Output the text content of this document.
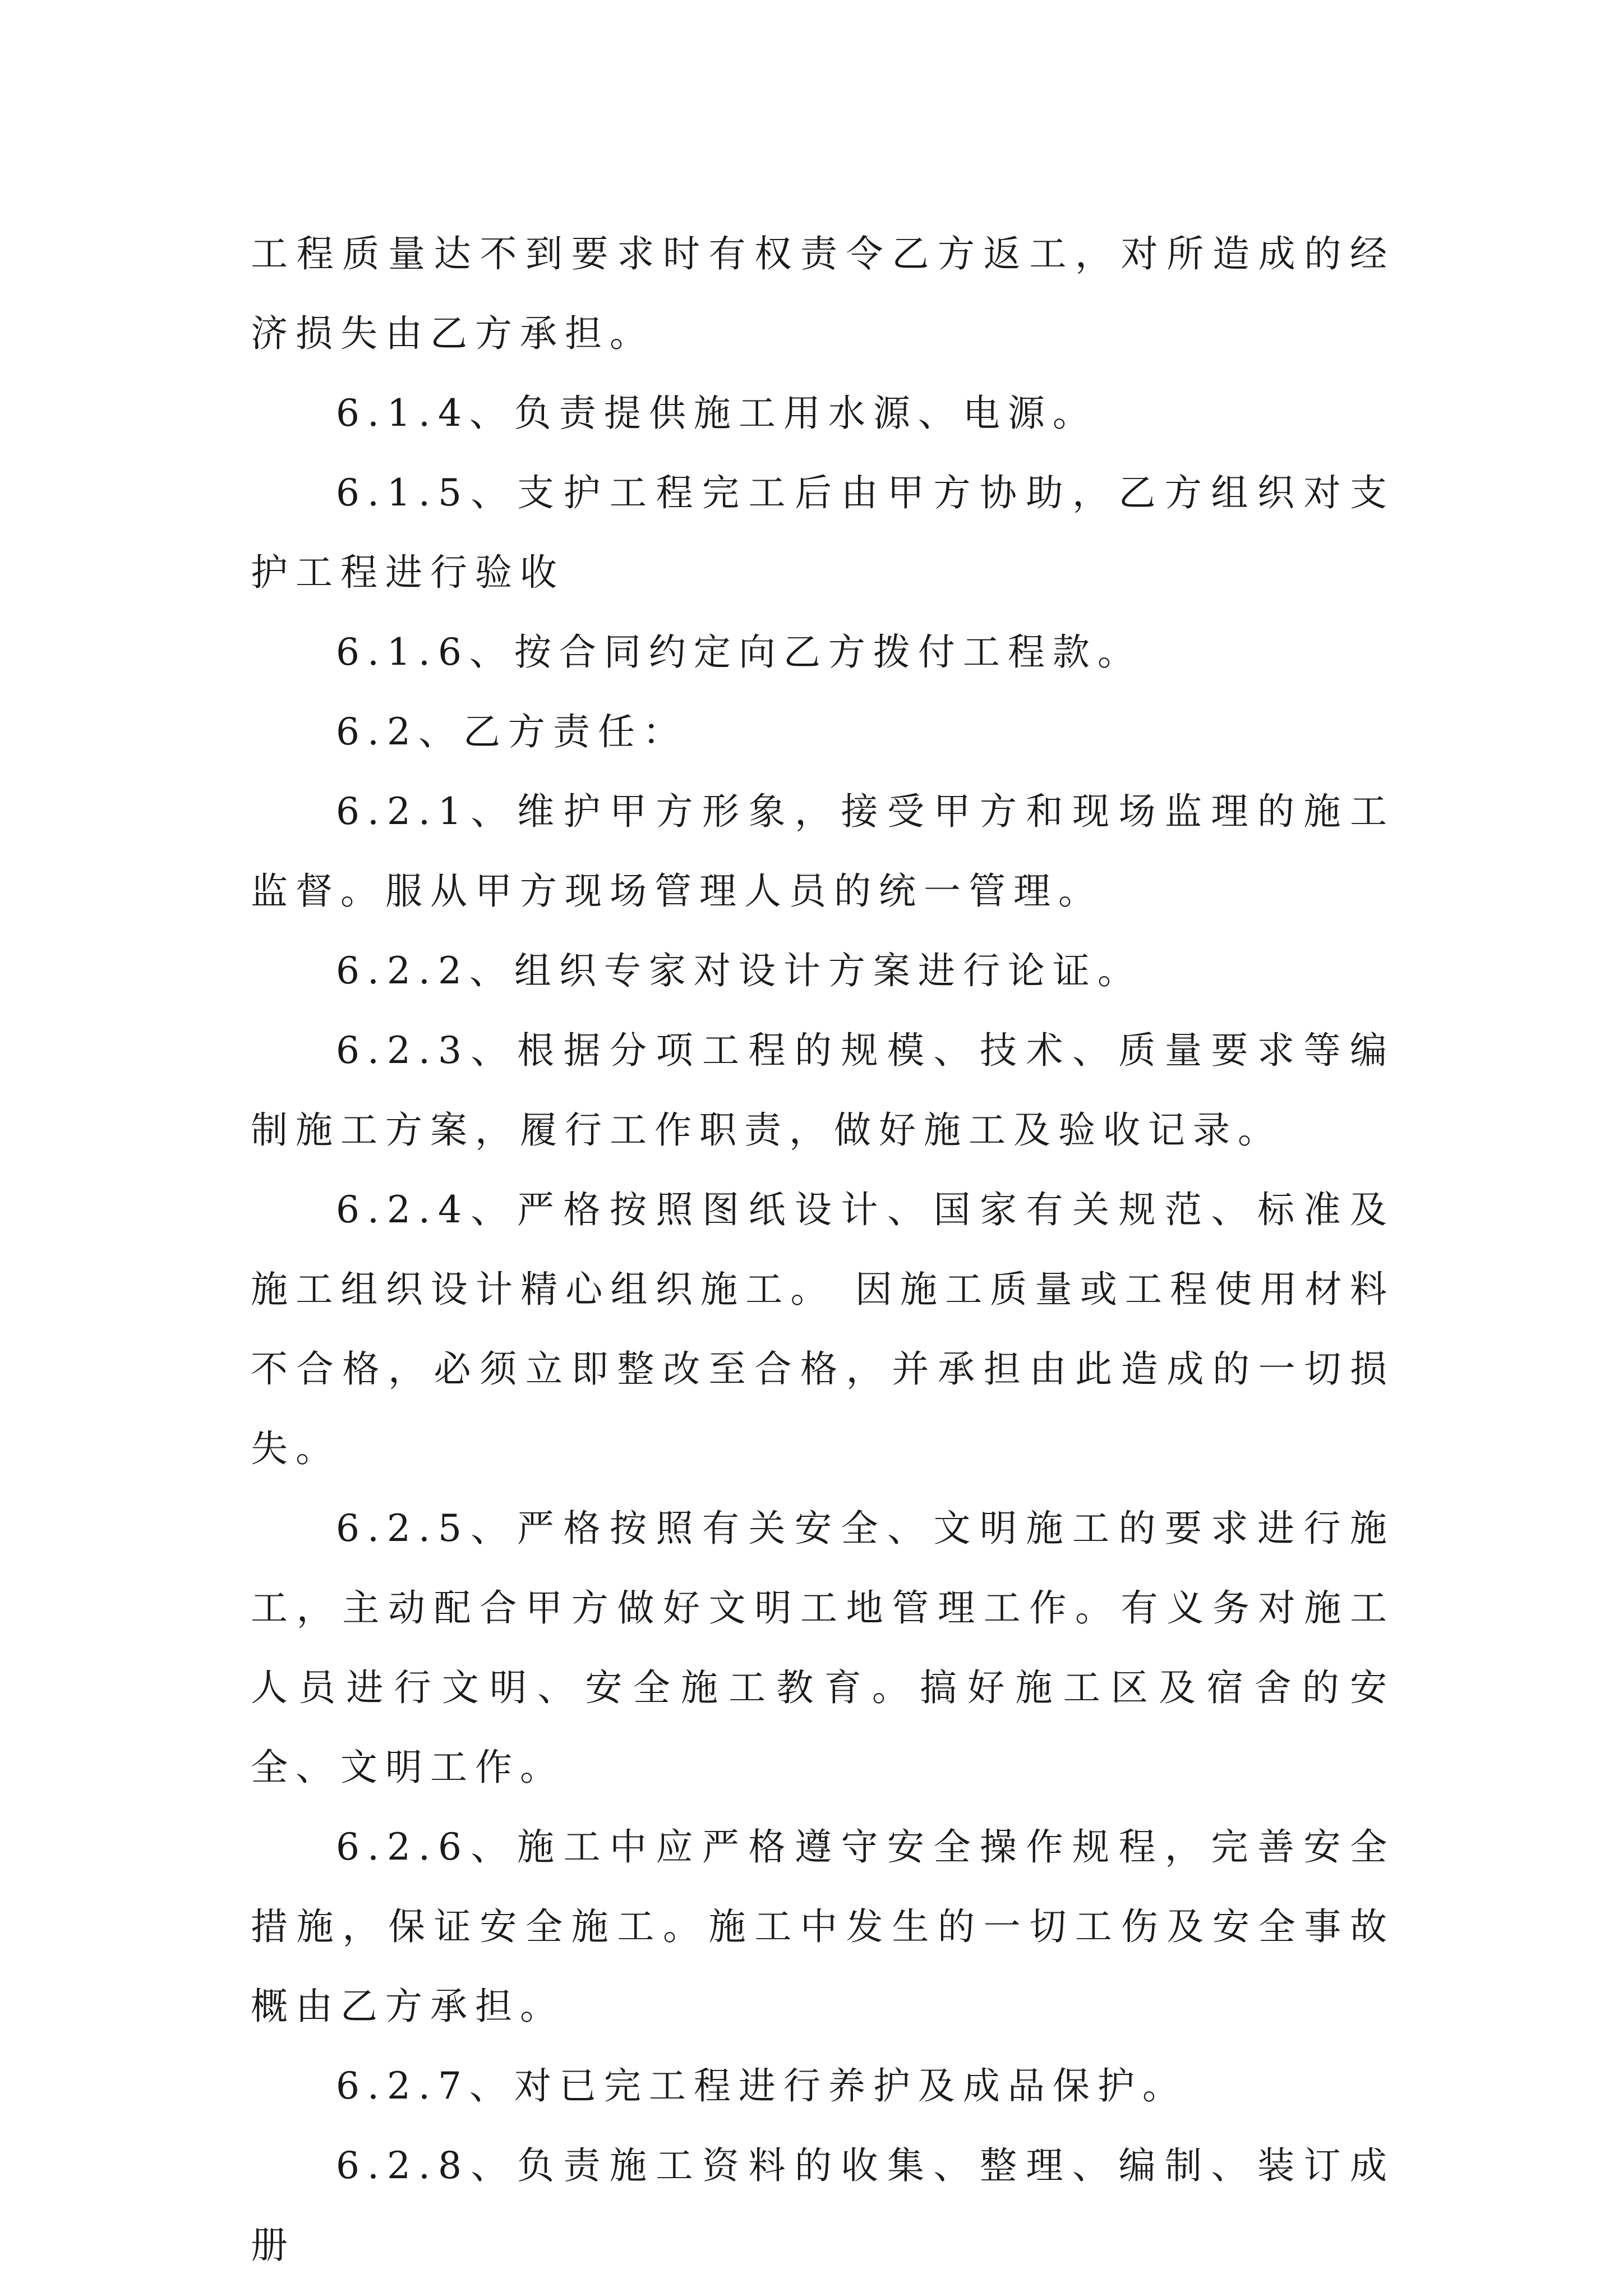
工程质量达不到要求时有权责令乙方返工，对所造成的经济损失由乙方承担。

6.1.4、负责提供施工用水源、电源。

6.1.5、支护工程完工后由甲方协助，乙方组织对支护工程进行验收

6.1.6、按合同约定向乙方拨付工程款。

6.2、乙方责任：

6.2.1、维护甲方形象，接受甲方和现场监理的施工监督。服从甲方现场管理人员的统一管理。

6.2.2、组织专家对设计方案进行论证。

6.2.3、根据分项工程的规模、技术、质量要求等编制施工方案，履行工作职责，做好施工及验收记录。

6.2.4、严格按照图纸设计、国家有关规范、标准及施工组织设计精心组织施工。 因施工质量或工程使用材料不合格，必须立即整改至合格，并承担由此造成的一切损失。

6.2.5、严格按照有关安全、文明施工的要求进行施工，主动配合甲方做好文明工地管理工作。有义务对施工人员进行文明、安全施工教育。搞好施工区及宿舍的安全、文明工作。

6.2.6、施工中应严格遵守安全操作规程，完善安全措施，保证安全施工。施工中发生的一切工伤及安全事故概由乙方承担。

6.2.7、对已完工程进行养护及成品保护。

6.2.8、负责施工资料的收集、整理、编制、装订成册
